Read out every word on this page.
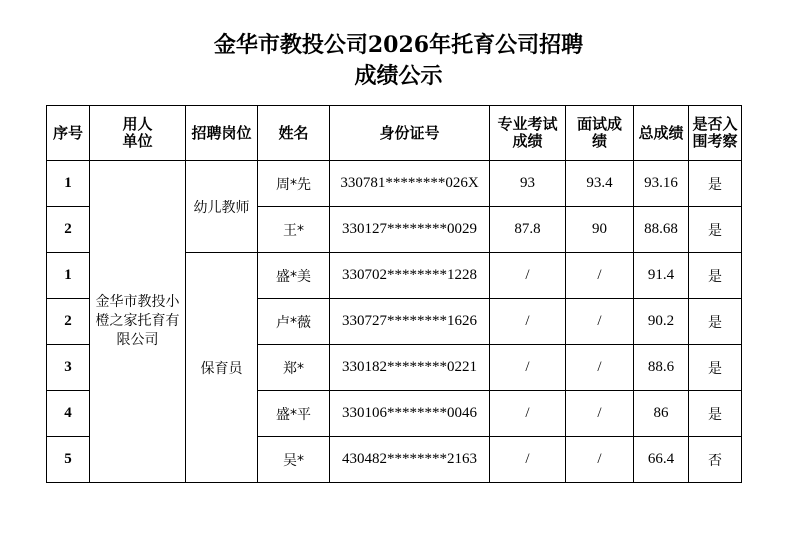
金华市教投公司2026年托育公司招聘
成绩公示
序号	用人单位	招聘岗位	姓名	身份证号	专业考试成绩	面试成绩	总成绩	是否入围考察

1	金华市教投小橙之家托育有限公司	幼儿教师	周*先	330781********026X	93	93.4	93.16	是
2			王*	330127********0029	87.8	90	88.68	是
1		保育员	盛*美	330702********1228	/	/	91.4	是
2			卢*薇	330727********1626	/	/	90.2	是
3			郑*	330182********0221	/	/	88.6	是
4			盛*平	330106********0046	/	/	86	是
5			吴*	430482********2163	/	/	66.4	否
